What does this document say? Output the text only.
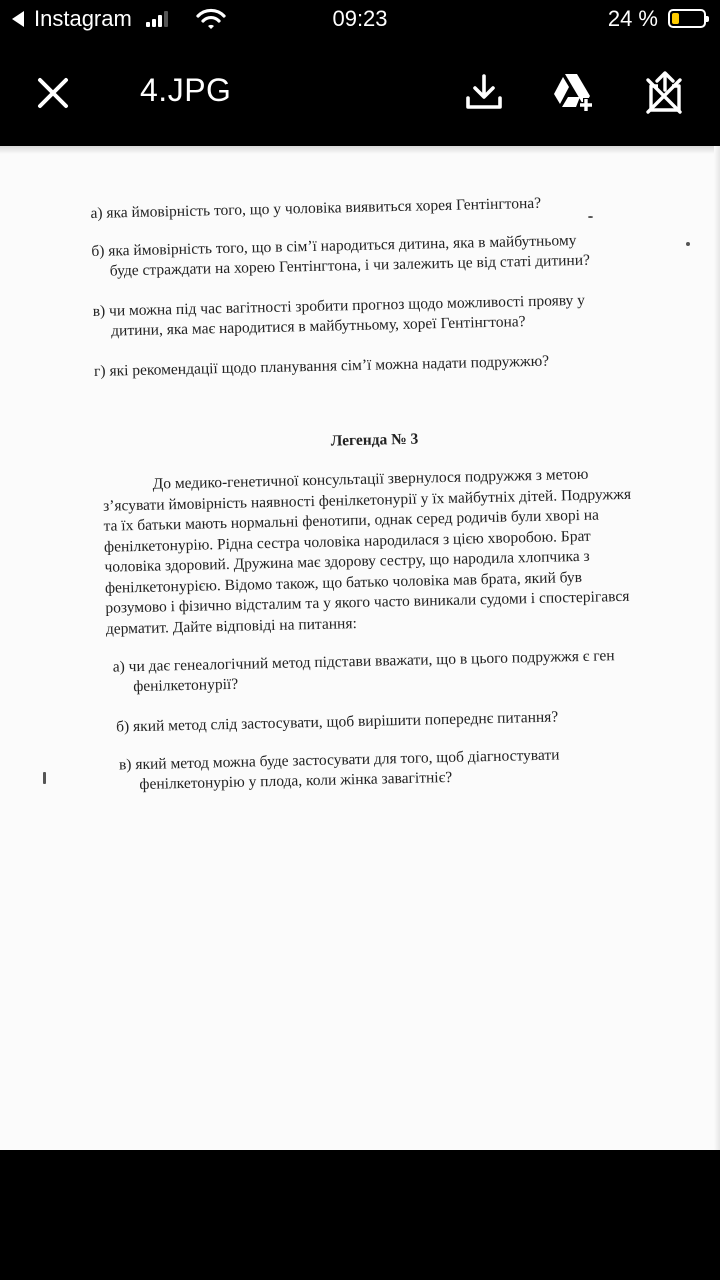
Instagram	09:23	24 %
4.JPG

а) яка ймовірність того, що у чоловіка виявиться хорея Гентінгтона?

б) яка ймовірність того, що в сім’ї народиться дитина, яка в майбутньому
буде страждати на хорею Гентінгтона, і чи залежить це від статі дитини?

в) чи можна під час вагітності зробити прогноз щодо можливості прояву у
дитини, яка має народитися в майбутньому, хореї Гентінгтона?

г) які рекомендації щодо планування сім’ї можна надати подружжю?

Легенда № 3

До медико-генетичної консультації звернулося подружжя з метою з’ясувати ймовірність наявності фенілкетонурії у їх майбутніх дітей. Подружжя та їх батьки мають нормальні фенотипи, однак серед родичів були хворі на фенілкетонурію. Рідна сестра чоловіка народилася з цією хворобою. Брат чоловіка здоровий. Дружина має здорову сестру, що народила хлопчика з фенілкетонурією. Відомо також, що батько чоловіка мав брата, який був розумово і фізично відсталим та у якого часто виникали судоми і спостерігався дерматит. Дайте відповіді на питання:

а) чи дає генеалогічний метод підстави вважати, що в цього подружжя є ген
фенілкетонурії?

б) який метод слід застосувати, щоб вирішити попереднє питання?

в) який метод можна буде застосувати для того, щоб діагностувати
фенілкетонурію у плода, коли жінка завагітніє?
